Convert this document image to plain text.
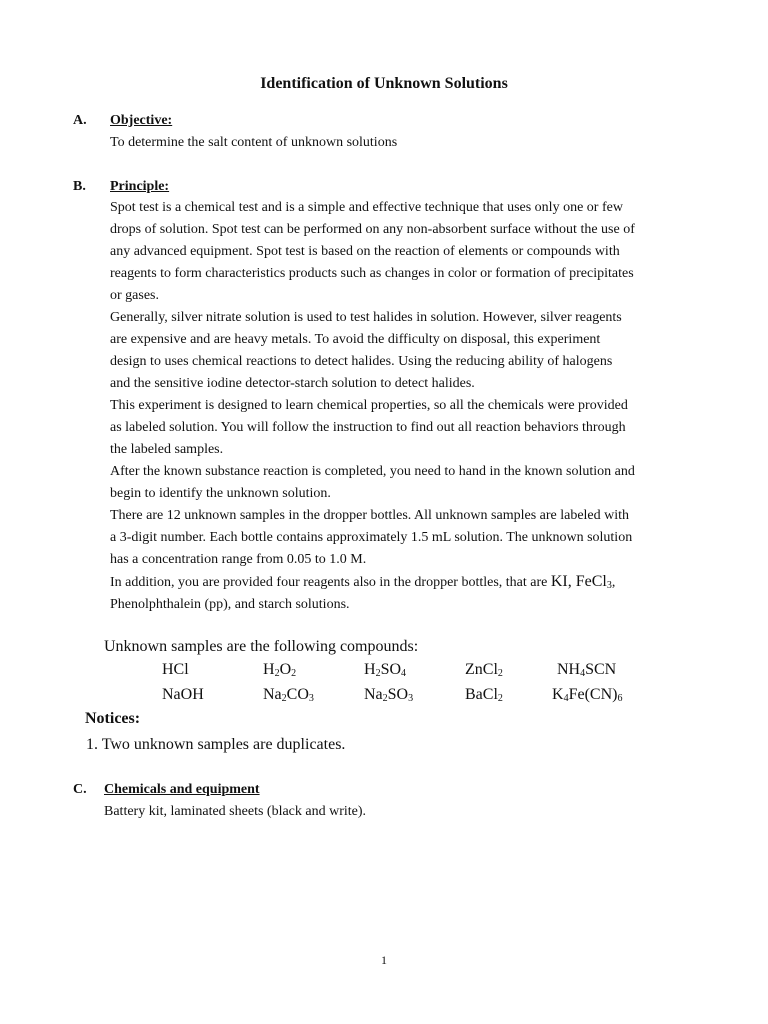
Identification of Unknown Solutions
A. Objective:
To determine the salt content of unknown solutions
B. Principle:
Spot test is a chemical test and is a simple and effective technique that uses only one or few
drops of solution. Spot test can be performed on any non-absorbent surface without the use of
any advanced equipment. Spot test is based on the reaction of elements or compounds with
reagents to form characteristics products such as changes in color or formation of precipitates
or gases.
Generally, silver nitrate solution is used to test halides in solution. However, silver reagents
are expensive and are heavy metals. To avoid the difficulty on disposal, this experiment
design to uses chemical reactions to detect halides. Using the reducing ability of halogens
and the sensitive iodine detector-starch solution to detect halides.
This experiment is designed to learn chemical properties, so all the chemicals were provided
as labeled solution. You will follow the instruction to find out all reaction behaviors through
the labeled samples.
After the known substance reaction is completed, you need to hand in the known solution and
begin to identify the unknown solution.
There are 12 unknown samples in the dropper bottles. All unknown samples are labeled with
a 3-digit number. Each bottle contains approximately 1.5 mL solution. The unknown solution
has a concentration range from 0.05 to 1.0 M.
In addition, you are provided four reagents also in the dropper bottles, that are KI, FeCl$_3$,
Phenolphthalein (pp), and starch solutions.
Unknown samples are the following compounds:
HCl	$H_2O_2$	$H_2SO_4$	ZnCl$_2$	$NH_4SCN$
NaOH	$Na_2CO_3$	$Na_2SO_3$	BaCl$_2$	$K_4Fe(CN)_6$
Notices:
1. Two unknown samples are duplicates.
C. Chemicals and equipment
Battery kit, laminated sheets (black and write).
1
